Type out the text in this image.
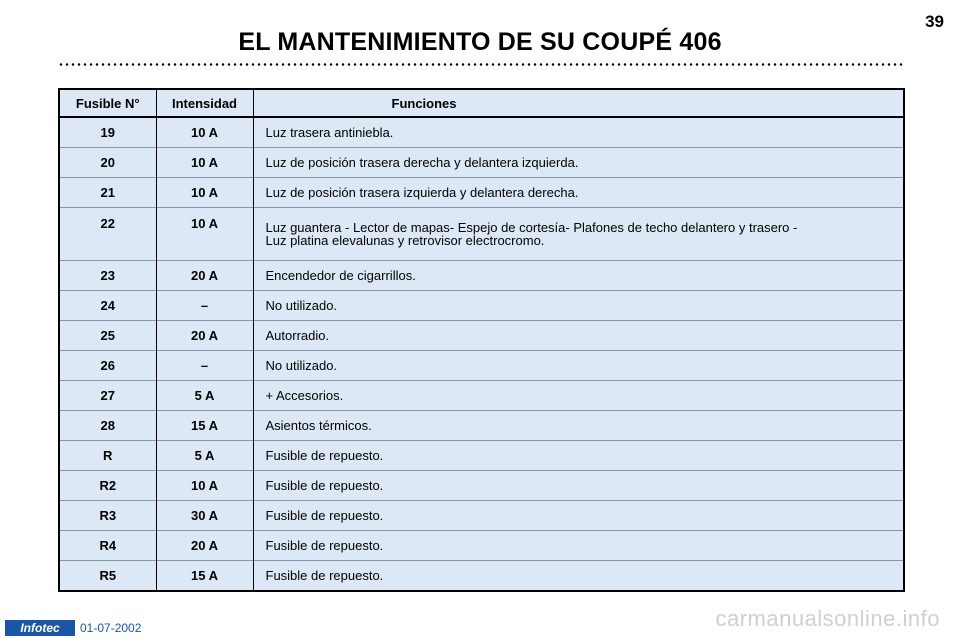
EL MANTENIMIENTO DE SU COUPÉ 406
39
Fusible N°	Intensidad	Funciones
19	10 A	Luz trasera antiniebla.
20	10 A	Luz de posición trasera derecha y delantera izquierda.
21	10 A	Luz de posición trasera izquierda y delantera derecha.
22	10 A	Luz guantera - Lector de mapas- Espejo de cortesía- Plafones de techo delantero y trasero -
Luz platina elevalunas y retrovisor electrocromo.

23	20 A	Encendedor de cigarrillos.
24	–	No utilizado.
25	20 A	Autorradio.
26	–	No utilizado.
27	5 A	+ Accesorios.
28	15 A	Asientos térmicos.
R	5 A	Fusible de repuesto.
R2	10 A	Fusible de repuesto.
R3	30 A	Fusible de repuesto.
R4	20 A	Fusible de repuesto.
R5	15 A	Fusible de repuesto.
Infotec	01-07-2002	carmanualsonline.info
